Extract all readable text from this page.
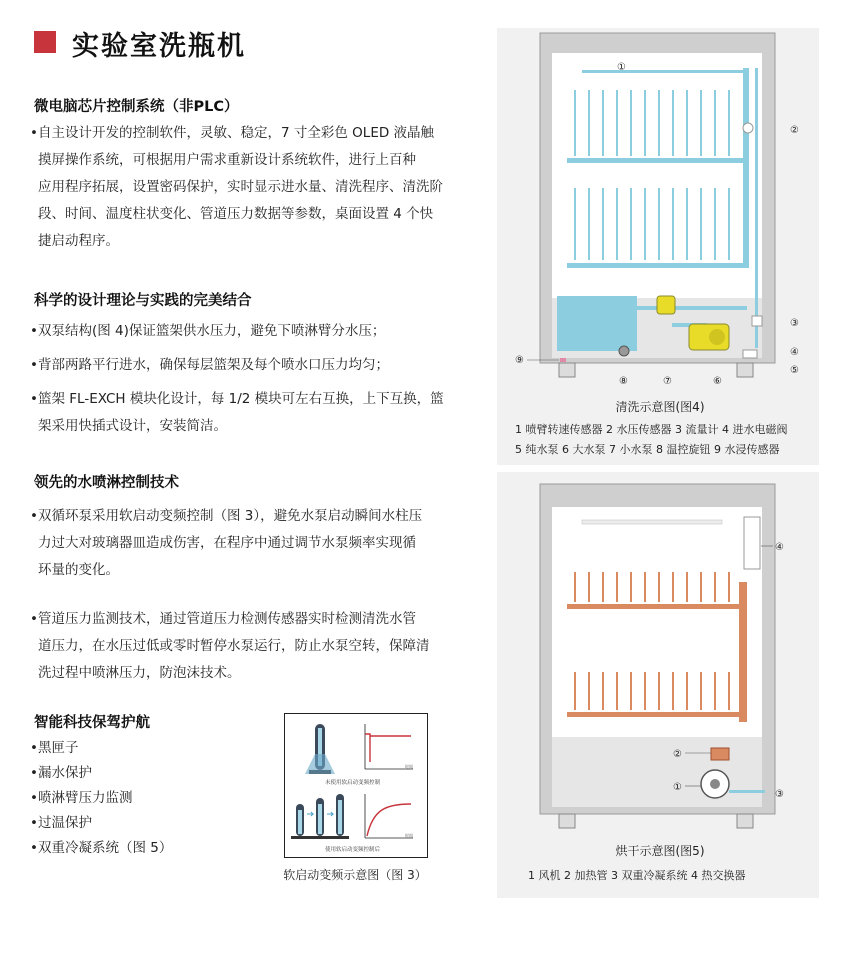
实验室洗瓶机
微电脑芯片控制系统（非PLC）
• 自主设计开发的控制软件，灵敏、稳定，7 寸全彩色 OLED 液晶触
摸屏操作系统，可根据用户需求重新设计系统软件，进行上百种
应用程序拓展，设置密码保护，实时显示进水量、清洗程序、清洗阶
段、时间、温度柱状变化、管道压力数据等参数，桌面设置 4 个快
捷启动程序。
科学的设计理论与实践的完美结合
• 双泵结构(图 4)保证篮架供水压力，避免下喷淋臂分水压；
• 背部两路平行进水，确保每层篮架及每个喷水口压力均匀；
• 篮架 FL-EXCH 模块化设计，每 1/2 模块可左右互换，上下互换，篮
架采用快插式设计，安装简洁。
领先的水喷淋控制技术
• 双循环泵采用软启动变频控制（图 3），避免水泵启动瞬间水柱压
力过大对玻璃器皿造成伤害，在程序中通过调节水泵频率实现循
环量的变化。
• 管道压力监测技术，通过管道压力检测传感器实时检测清洗水管
道压力，在水压过低或零时暂停水泵运行，防止水泵空转，保障清
洗过程中喷淋压力，防泡沫技术。
智能科技保驾护航
• 黑匣子
• 漏水保护
• 喷淋臂压力监测
• 过温保护
• 双重冷凝系统（图 5）
未使用软启动变频控制
时间
使用软启动变频控制后
时间
软启动变频示意图（图 3）
①
②
③
④
⑤
⑥
⑦
⑧
⑨
清洗示意图(图4)
1 喷臂转速传感器 2 水压传感器 3 流量计 4 进水电磁阀
5 纯水泵 6 大水泵 7 小水泵 8 温控旋钮 9 水浸传感器
①
②
③
④
烘干示意图(图5)
1 风机 2 加热管 3 双重冷凝系统 4 热交换器
